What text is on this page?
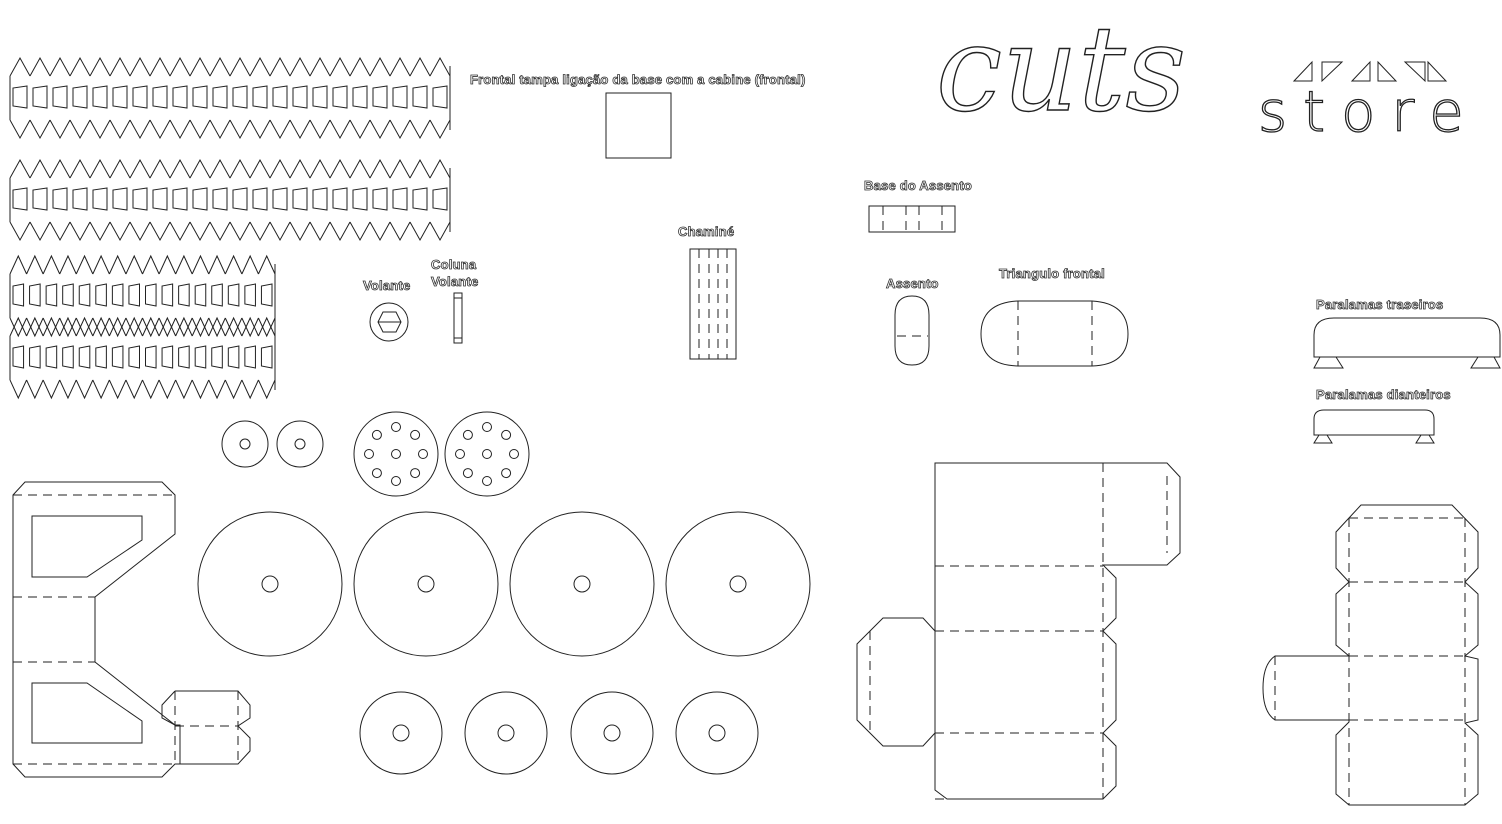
cuts store
Frontal tampa ligação da base com a cabine (frontal)
Base do Assento
Chaminé
Volante
Coluna
Volante	Assento
Triangulo frontal
Paralamas traseiros
Paralamas dianteiros
